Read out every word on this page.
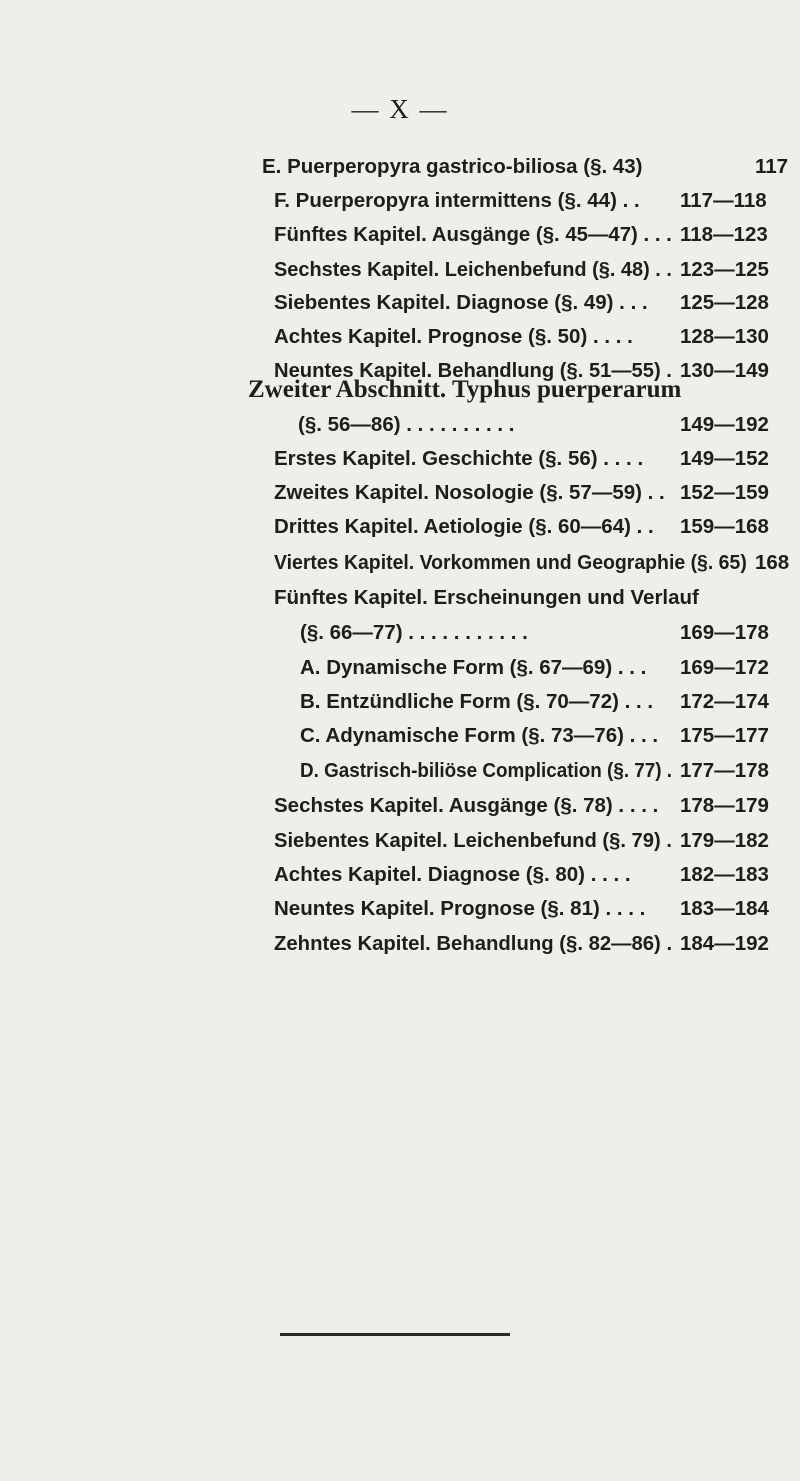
— X —
Zweiter Abschnitt. Typhus puerperarum
E. Puerperopyra gastrico-biliosa (§. 43)	117
F. Puerperopyra intermittens (§. 44) . . 117—118
Fünftes Kapitel. Ausgänge (§. 45—47) . . . 118—123
Sechstes Kapitel. Leichenbefund (§. 48) . . 123—125
Siebentes Kapitel. Diagnose (§. 49) . . . 125—128
Achtes Kapitel. Prognose (§. 50) . . . . 128—130
Neuntes Kapitel. Behandlung (§. 51—55) . 130—149
(§. 56—86) . . . . . . . . . .	149—192
Erstes Kapitel. Geschichte (§. 56) . . . . 149—152
Zweites Kapitel. Nosologie (§. 57—59) . . 152—159
Drittes Kapitel. Aetiologie (§. 60—64) . . 159—168
Viertes Kapitel. Vorkommen und Geographie (§. 65) 168
Fünftes Kapitel. Erscheinungen und Verlauf
(§. 66—77) . . . . . . . . . . .	169—178
A. Dynamische Form (§. 67—69) . . . 169—172
B. Entzündliche Form (§. 70—72) . . . 172—174
C. Adynamische Form (§. 73—76) . . . 175—177
D. Gastrisch-biliöse Complication (§. 77) . 177—178
Sechstes Kapitel. Ausgänge (§. 78) . . . . 178—179
Siebentes Kapitel. Leichenbefund (§. 79) . 179—182
Achtes Kapitel. Diagnose (§. 80) . . . . 182—183
Neuntes Kapitel. Prognose (§. 81) . . . . 183—184
Zehntes Kapitel. Behandlung (§. 82—86) . 184—192
